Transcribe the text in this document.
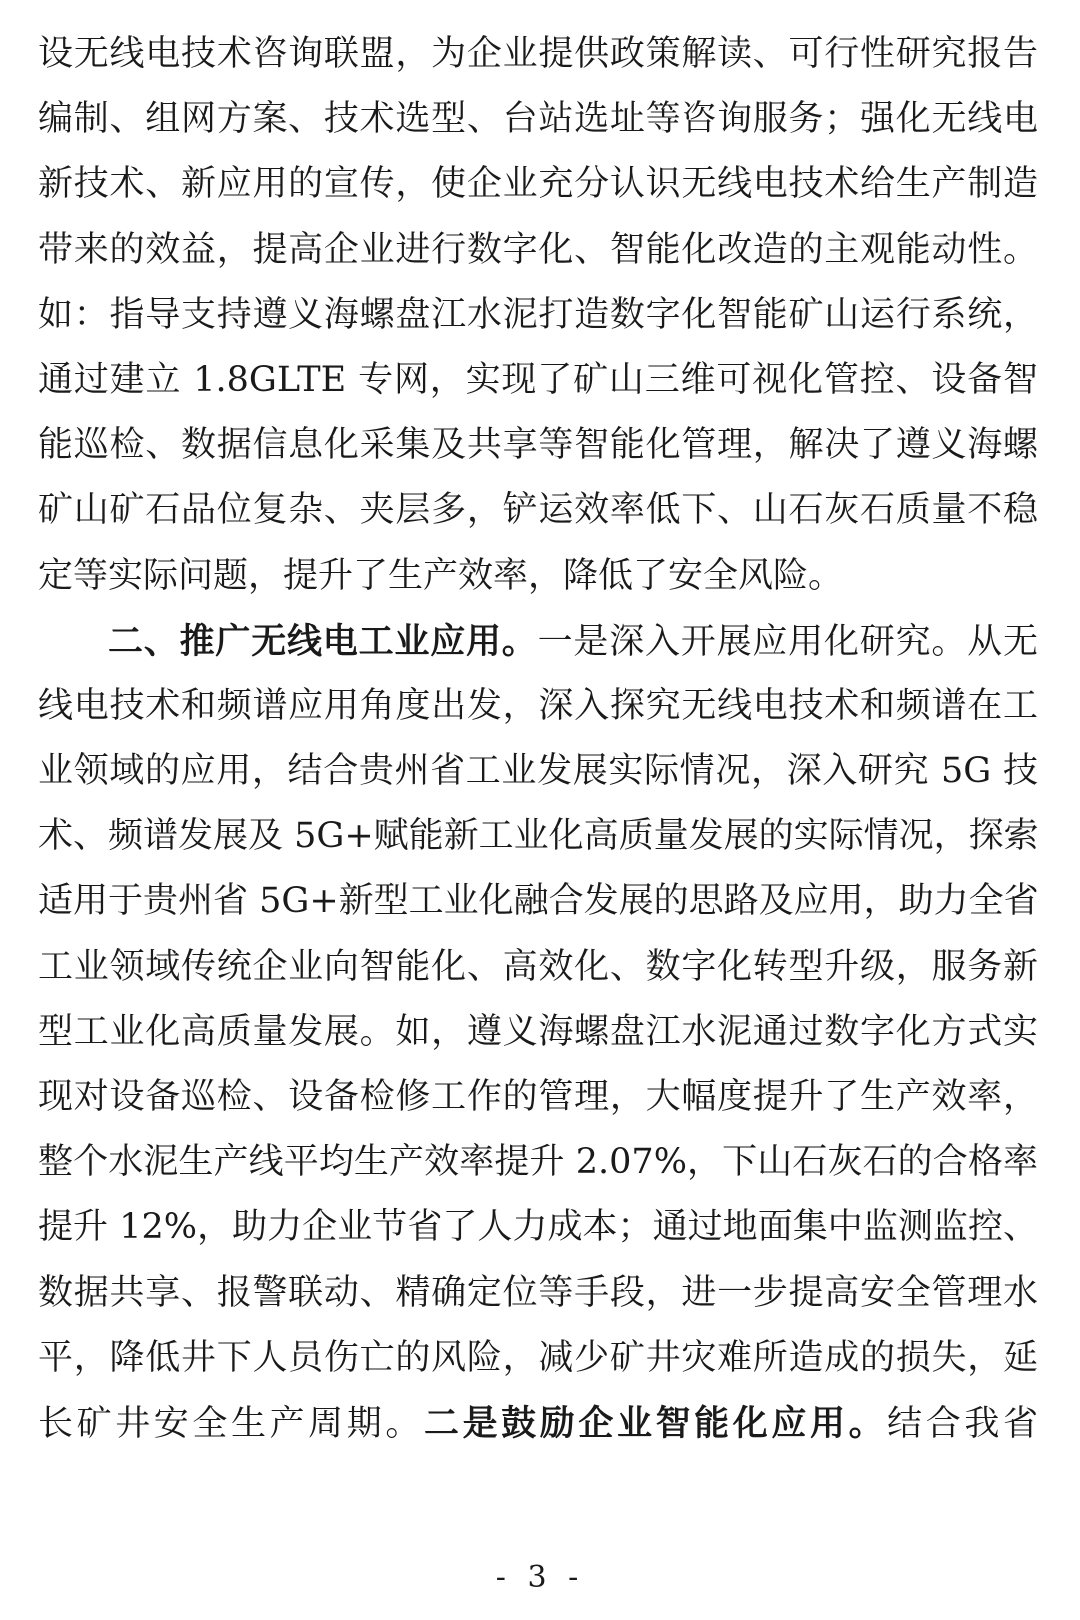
设无线电技术咨询联盟，为企业提供政策解读、可行性研究报告
编制、组网方案、技术选型、台站选址等咨询服务；强化无线电
新技术、新应用的宣传，使企业充分认识无线电技术给生产制造
带来的效益，提高企业进行数字化、智能化改造的主观能动性。
如：指导支持遵义海螺盘江水泥打造数字化智能矿山运行系统，
通过建立 1.8GLTE 专网，实现了矿山三维可视化管控、设备智
能巡检、数据信息化采集及共享等智能化管理，解决了遵义海螺
矿山矿石品位复杂、夹层多，铲运效率低下、山石灰石质量不稳
定等实际问题，提升了生产效率，降低了安全风险。
二、推广无线电工业应用。一是深入开展应用化研究。从无
线电技术和频谱应用角度出发，深入探究无线电技术和频谱在工
业领域的应用，结合贵州省工业发展实际情况，深入研究 5G 技
术、频谱发展及 5G+赋能新工业化高质量发展的实际情况，探索
适用于贵州省 5G+新型工业化融合发展的思路及应用，助力全省
工业领域传统企业向智能化、高效化、数字化转型升级，服务新
型工业化高质量发展。如，遵义海螺盘江水泥通过数字化方式实
现对设备巡检、设备检修工作的管理，大幅度提升了生产效率，
整个水泥生产线平均生产效率提升 2.07%，下山石灰石的合格率
提升 12%，助力企业节省了人力成本；通过地面集中监测监控、
数据共享、报警联动、精确定位等手段，进一步提高安全管理水
平，降低井下人员伤亡的风险，减少矿井灾难所造成的损失，延
长矿井安全生产周期。二是鼓励企业智能化应用。结合我省
- 3 -
